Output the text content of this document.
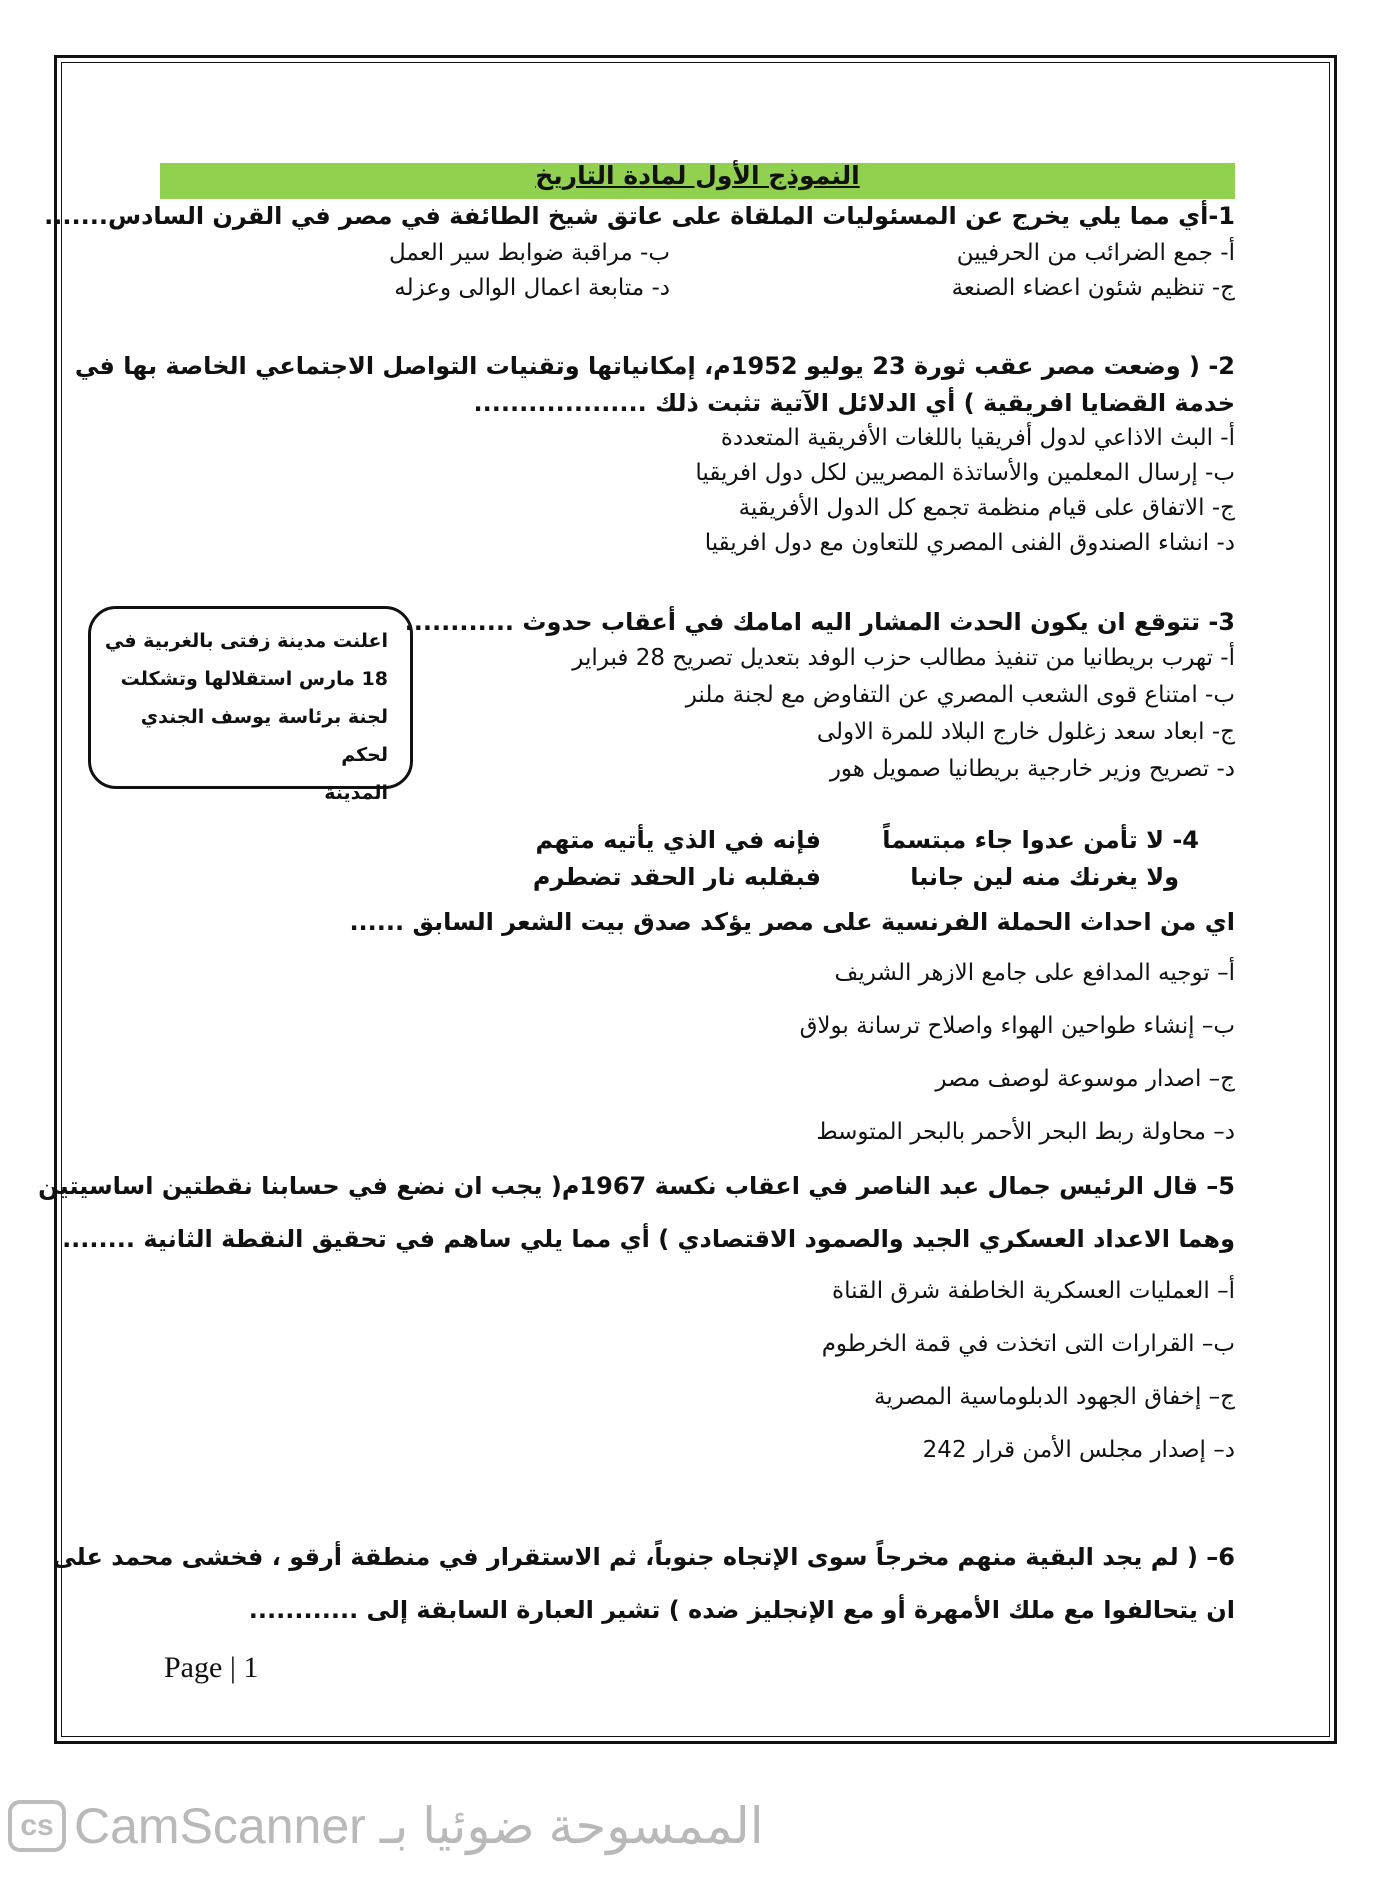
النموذج الأول لمادة التاريخ
1-أي مما يلي يخرج عن المسئوليات الملقاة على عاتق شيخ الطائفة في مصر في القرن السادس.......
أ- جمع الضرائب من الحرفيين
ب- مراقبة ضوابط سير العمل
ج- تنظيم شئون اعضاء الصنعة
د- متابعة اعمال الوالى وعزله
2- ( وضعت مصر عقب ثورة 23 يوليو 1952م، إمكانياتها وتقنيات التواصل الاجتماعي الخاصة بها في
خدمة القضايا افريقية ) أي الدلائل الآتية تثبت ذلك ...................
أ- البث الاذاعي لدول أفريقيا باللغات الأفريقية المتعددة
ب- إرسال المعلمين والأساتذة المصريين لكل دول افريقيا
ج- الاتفاق على قيام منظمة تجمع كل الدول الأفريقية
د- انشاء الصندوق الفنى المصري للتعاون مع دول افريقيا
اعلنت مدينة زفتى بالغربية في
18 مارس استقلالها وتشكلت
لجنة برئاسة يوسف الجندي لحكم
المدينة
3- تتوقع ان يكون الحدث المشار اليه امامك في أعقاب حدوث ............
أ- تهرب بريطانيا من تنفيذ مطالب حزب الوفد بتعديل تصريح 28 فبراير
ب- امتناع قوى الشعب المصري عن التفاوض مع لجنة ملنر
ج- ابعاد سعد زغلول خارج البلاد للمرة الاولى
د- تصريح وزير خارجية بريطانيا صمويل هور
4- لا تأمن عدوا جاء مبتسماً
فإنه في الذي يأتيه متهم
ولا يغرنك منه لين جانبا
فبقلبه نار الحقد تضطرم
اي من احداث الحملة الفرنسية على مصر يؤكد صدق بيت الشعر السابق ......
أ– توجيه المدافع على جامع الازهر الشريف
ب– إنشاء طواحين الهواء واصلاح ترسانة بولاق
ج– اصدار موسوعة لوصف مصر
د– محاولة ربط البحر الأحمر بالبحر المتوسط
5– قال الرئيس جمال عبد الناصر في اعقاب نكسة 1967م( يجب ان نضع في حسابنا نقطتين اساسيتين
وهما الاعداد العسكري الجيد والصمود الاقتصادي ) أي مما يلي ساهم في تحقيق النقطة الثانية ........
أ– العمليات العسكرية الخاطفة شرق القناة
ب– القرارات التى اتخذت في قمة الخرطوم
ج– إخفاق الجهود الدبلوماسية المصرية
د– إصدار مجلس الأمن قرار 242
6– ( لم يجد البقية منهم مخرجاً سوى الإتجاه جنوباً، ثم الاستقرار في منطقة أرقو ، فخشى محمد على
ان يتحالفوا مع ملك الأمهرة أو مع الإنجليز ضده ) تشير العبارة السابقة إلى ............
Page | 1
cs الممسوحة ضوئيا بـ CamScanner
